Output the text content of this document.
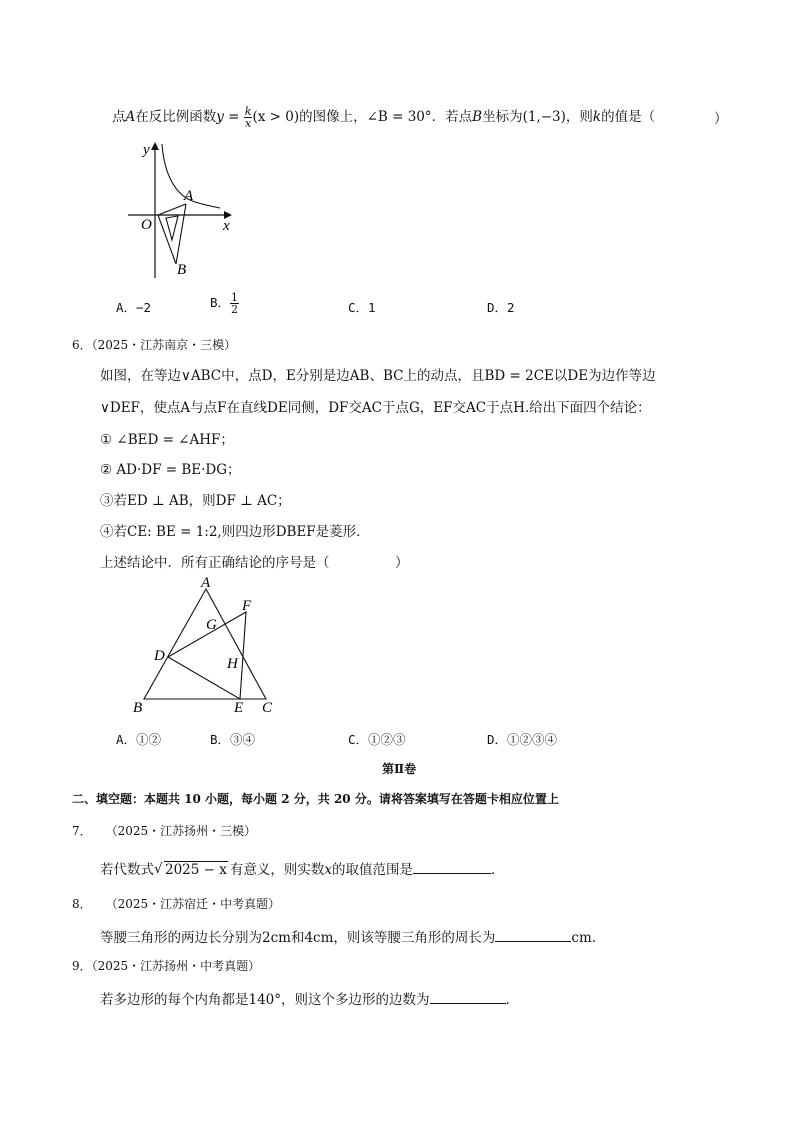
点A在反比例函数$y = \frac{k}{x} (x > 0)$的图像上，∠B = 30°．若点B坐标为(1,−3)，则k的值是（	）
y
x
O
A
B
A．−2	B． $\frac{1}{2}$	C．1	D．2
6．（2025・江苏南京・三模）
如图，在等边∨ABC中，点D，E分别是边AB、BC上的动点，且BD = 2CE以DE为边作等边
∨DEF，使点A与点F在直线DE同侧，DF交AC于点G，EF交AC于点H.给出下面四个结论：
① ∠BED = ∠AHF；
② AD·DF = BE·DG；
③若ED ⊥ AB，则DF ⊥ AC；
④若CE: BE = 1:2,则四边形DBEF是菱形．
上述结论中．所有正确结论的序号是（	）
A
B	C
D
E
F
G
H
A．①②	B．③④	C．①②③	D．①②③④
第Ⅱ卷
二、填空题：本题共 10 小题，每小题 2 分，共 20 分。请将答案填写在答题卡相应位置上
7． （2025・江苏扬州・三模）
若代数式 √ 2025 − x 有意义，则实数x的取值范围是	．
8． （2025・江苏宿迁・中考真题）
等腰三角形的两边长分别为2cm和4cm，则该等腰三角形的周长为	cm．
9．（2025・江苏扬州・中考真题）
若多边形的每个内角都是140°，则这个多边形的边数为	．
